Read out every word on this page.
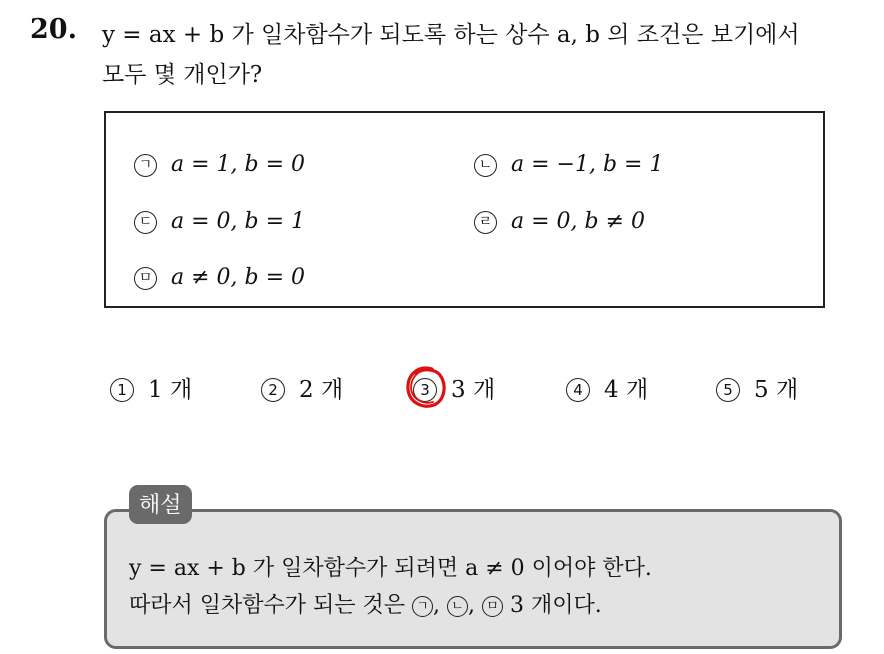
20. y = ax + b 가 일차함수가 되도록 하는 상수 a, b 의 조건은 보기에서
모두 몇 개인가?
ㄱ a = 1, b = 0	ㄴ a = −1, b = 1
ㄷ a = 0, b = 1	ㄹ a = 0, b ≠ 0
ㅁ a ≠ 0, b = 0
1 1 개	2 2 개	3 3 개	4 4 개	5 5 개
y = ax + b 가 일차함수가 되려면 a ≠ 0 이어야 한다.
따라서 일차함수가 되는 것은 ㄱ , ㄴ , ㅁ 3 개이다.
해설
